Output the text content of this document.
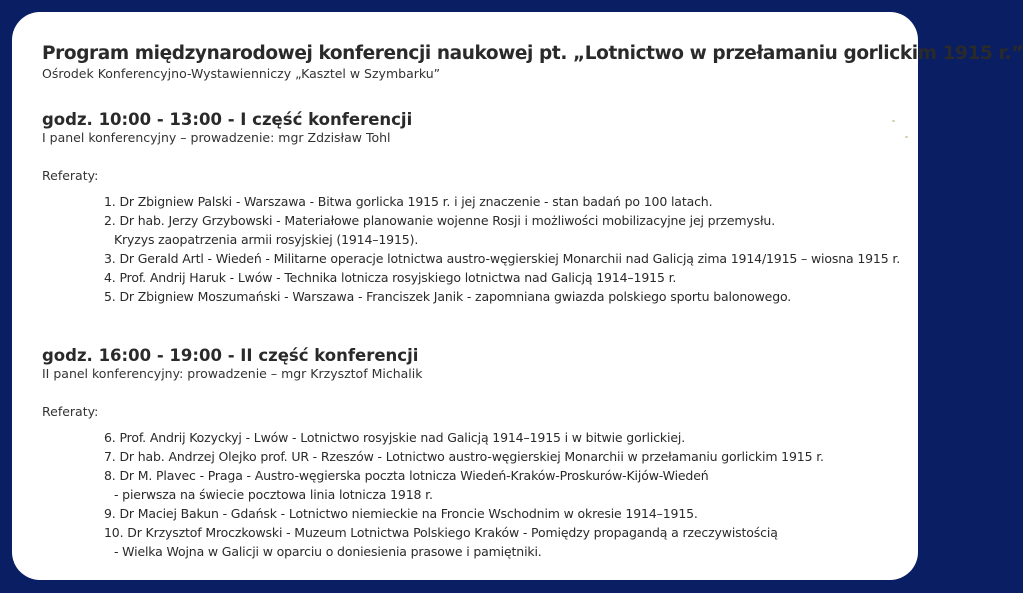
Program międzynarodowej konferencji naukowej pt. „Lotnictwo w przełamaniu gorlickim 1915 r.”

Ośrodek Konferencyjno-Wystawienniczy „Kasztel w Szymbarku”

godz. 10:00 - 13:00 - I część konferencji

I panel konferencyjny – prowadzenie: mgr Zdzisław Tohl

Referaty:

1. Dr Zbigniew Palski - Warszawa - Bitwa gorlicka 1915 r. i jej znaczenie - stan badań po 100 latach.
2. Dr hab. Jerzy Grzybowski - Materiałowe planowanie wojenne Rosji i możliwości mobilizacyjne jej przemysłu.
Kryzys zaopatrzenia armii rosyjskiej (1914–1915).
3. Dr Gerald Artl - Wiedeń - Militarne operacje lotnictwa austro-węgierskiej Monarchii nad Galicją zima 1914/1915 – wiosna 1915 r.
4. Prof. Andrij Haruk - Lwów - Technika lotnicza rosyjskiego lotnictwa nad Galicją 1914–1915 r.
5. Dr Zbigniew Moszumański - Warszawa - Franciszek Janik - zapomniana gwiazda polskiego sportu balonowego.

godz. 16:00 - 19:00 - II część konferencji

II panel konferencyjny: prowadzenie – mgr Krzysztof Michalik

Referaty:

6. Prof. Andrij Kozyckyj - Lwów - Lotnictwo rosyjskie nad Galicją 1914–1915 i w bitwie gorlickiej.
7. Dr hab. Andrzej Olejko prof. UR - Rzeszów - Lotnictwo austro-węgierskiej Monarchii w przełamaniu gorlickim 1915 r.
8. Dr M. Plavec - Praga - Austro-węgierska poczta lotnicza Wiedeń-Kraków-Proskurów-Kijów-Wiedeń
- pierwsza na świecie pocztowa linia lotnicza 1918 r.
9. Dr Maciej Bakun - Gdańsk - Lotnictwo niemieckie na Froncie Wschodnim w okresie 1914–1915.
10. Dr Krzysztof Mroczkowski - Muzeum Lotnictwa Polskiego Kraków - Pomiędzy propagandą a rzeczywistością
- Wielka Wojna w Galicji w oparciu o doniesienia prasowe i pamiętniki.
